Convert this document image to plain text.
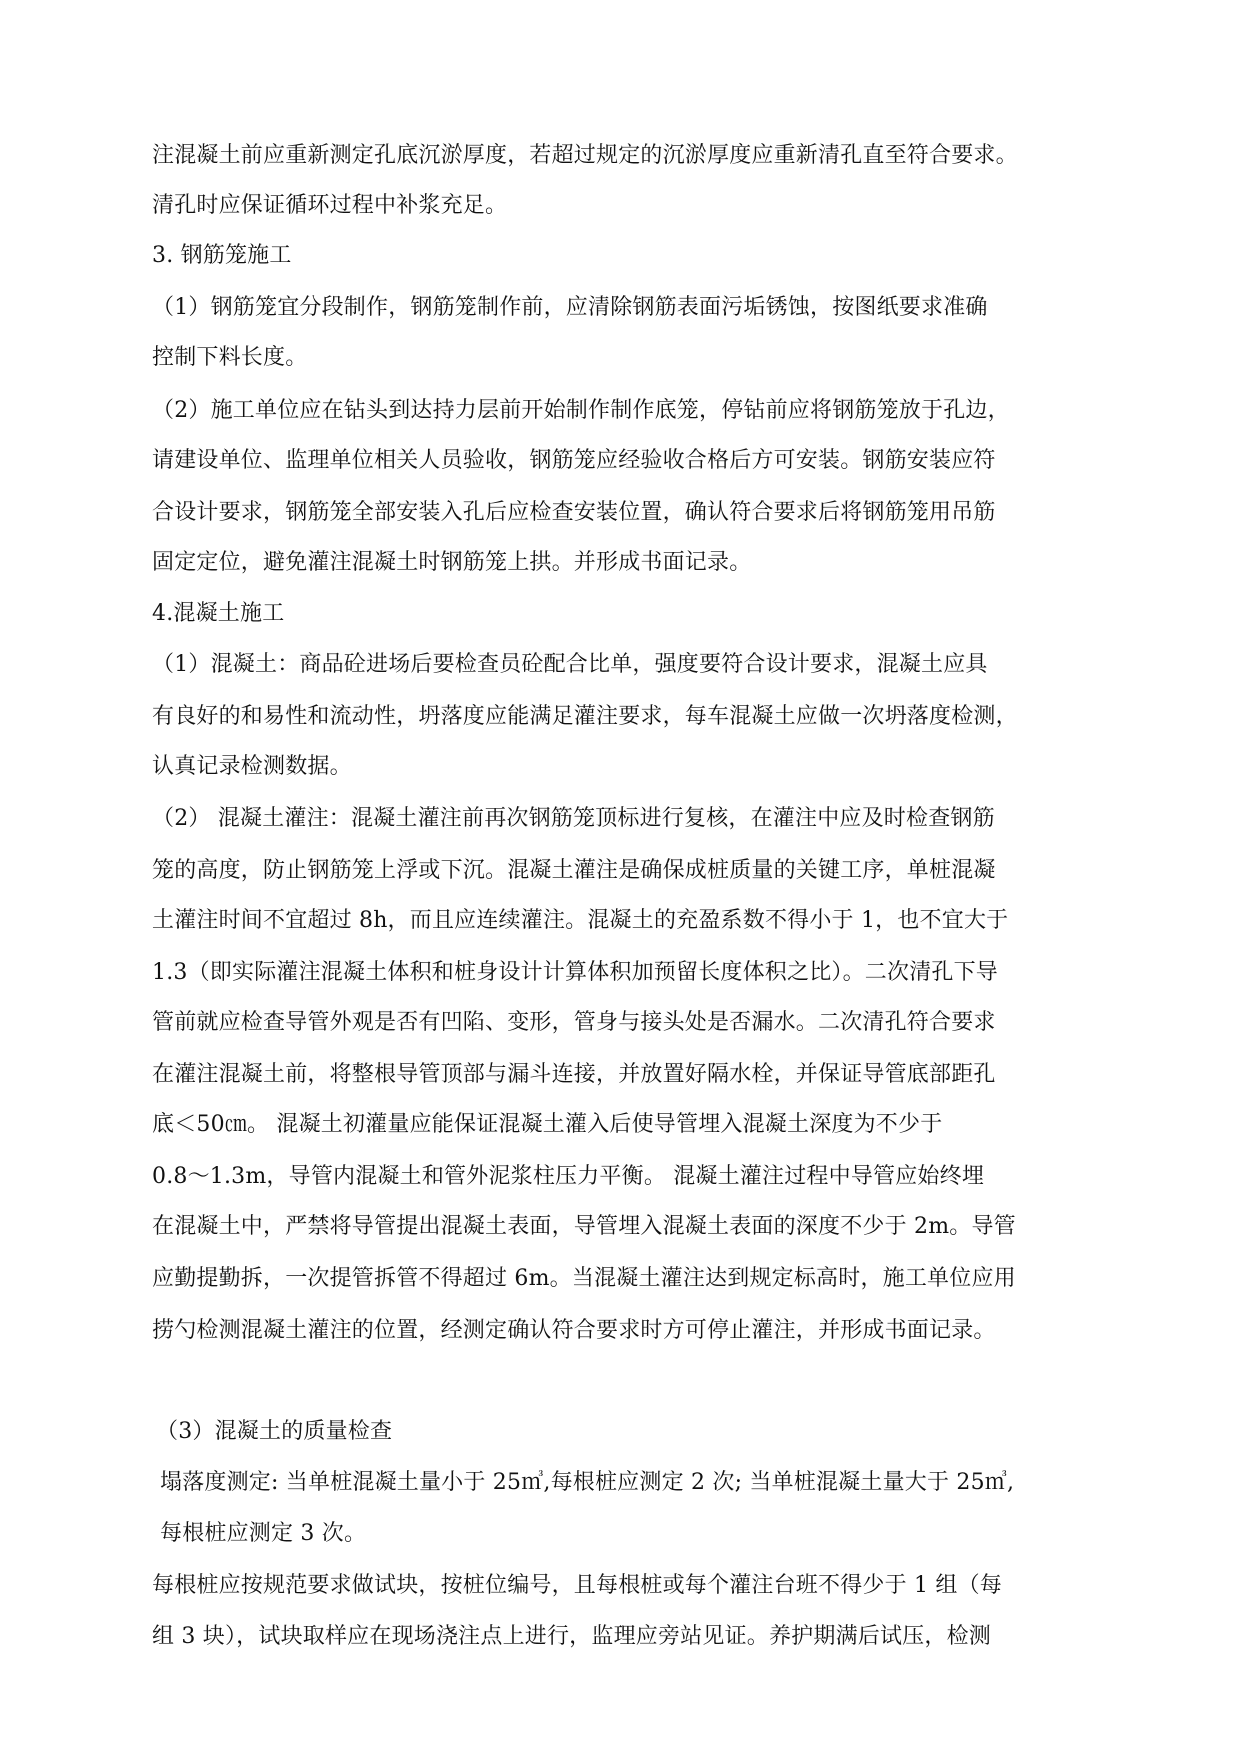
注混凝土前应重新测定孔底沉淤厚度，若超过规定的沉淤厚度应重新清孔直至符合要求。
清孔时应保证循环过程中补浆充足。
3. 钢筋笼施工
（1）钢筋笼宜分段制作，钢筋笼制作前，应清除钢筋表面污垢锈蚀，按图纸要求准确
控制下料长度。
（2）施工单位应在钻头到达持力层前开始制作制作底笼，停钻前应将钢筋笼放于孔边，
请建设单位、监理单位相关人员验收，钢筋笼应经验收合格后方可安装。钢筋安装应符
合设计要求，钢筋笼全部安装入孔后应检查安装位置，确认符合要求后将钢筋笼用吊筋
固定定位，避免灌注混凝土时钢筋笼上拱。并形成书面记录。
4.混凝土施工
（1）混凝土：商品砼进场后要检查员砼配合比单，强度要符合设计要求，混凝土应具
有良好的和易性和流动性，坍落度应能满足灌注要求，每车混凝土应做一次坍落度检测，
认真记录检测数据。
（2） 混凝土灌注：混凝土灌注前再次钢筋笼顶标进行复核，在灌注中应及时检查钢筋
笼的高度，防止钢筋笼上浮或下沉。混凝土灌注是确保成桩质量的关键工序，单桩混凝
土灌注时间不宜超过 8h，而且应连续灌注。混凝土的充盈系数不得小于 1，也不宜大于
1.3（即实际灌注混凝土体积和桩身设计计算体积加预留长度体积之比）。二次清孔下导
管前就应检查导管外观是否有凹陷、变形，管身与接头处是否漏水。二次清孔符合要求
在灌注混凝土前，将整根导管顶部与漏斗连接，并放置好隔水栓，并保证导管底部距孔
底＜50㎝。 混凝土初灌量应能保证混凝土灌入后使导管埋入混凝土深度为不少于
0.8～1.3m，导管内混凝土和管外泥浆柱压力平衡。 混凝土灌注过程中导管应始终埋
在混凝土中，严禁将导管提出混凝土表面，导管埋入混凝土表面的深度不少于 2m。导管
应勤提勤拆，一次提管拆管不得超过 6m。当混凝土灌注达到规定标高时，施工单位应用
捞勺检测混凝土灌注的位置，经测定确认符合要求时方可停止灌注，并形成书面记录。
（3）混凝土的质量检查
塌落度测定: 当单桩混凝土量小于 25㎥,每根桩应测定 2 次; 当单桩混凝土量大于 25㎥,
每根桩应测定 3 次。
每根桩应按规范要求做试块，按桩位编号，且每根桩或每个灌注台班不得少于 1 组（每
组 3 块），试块取样应在现场浇注点上进行，监理应旁站见证。养护期满后试压，检测
